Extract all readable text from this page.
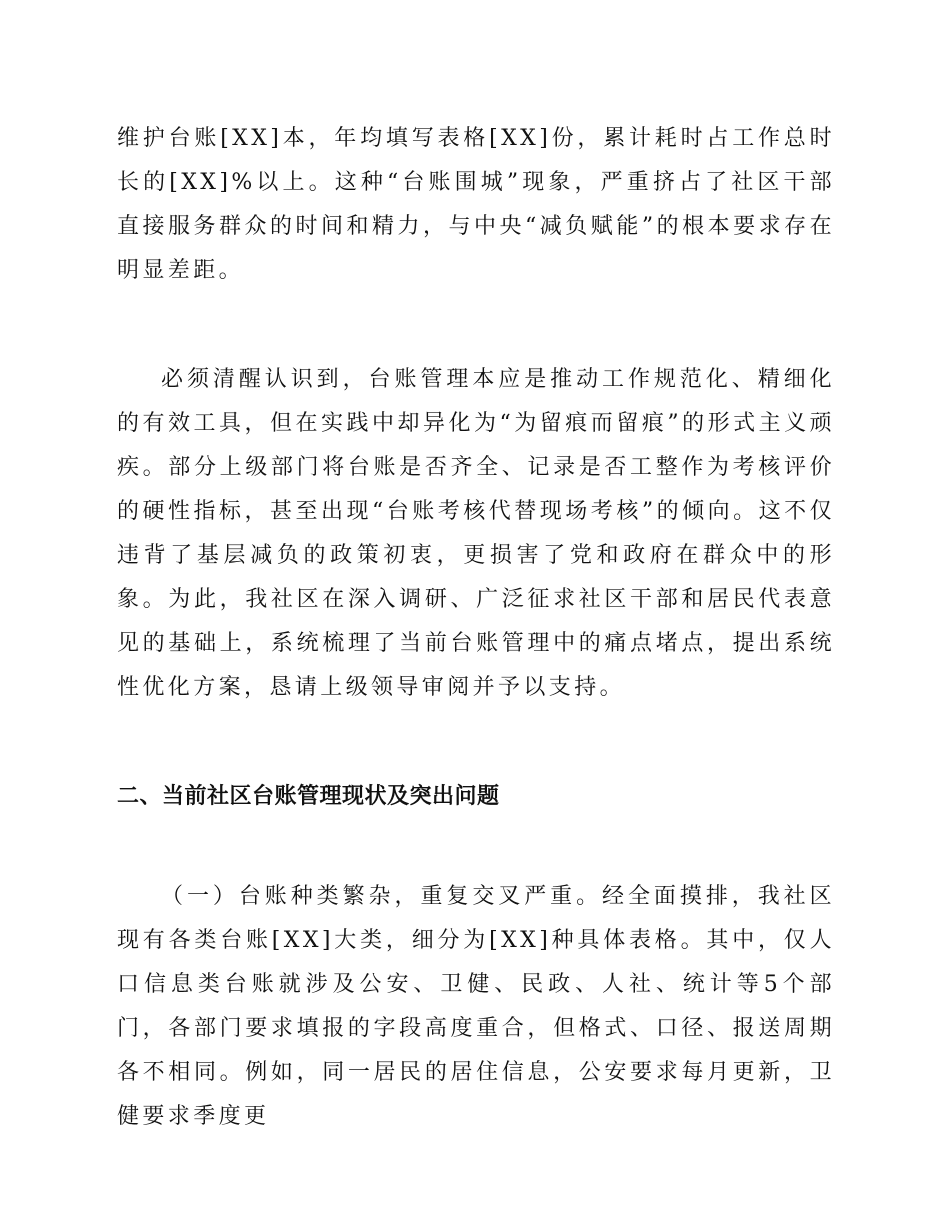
维护台账[XX]本，年均填写表格[XX]份，累计耗时占工作总时长的[XX]%以上。这种“台账围城”现象，严重挤占了社区干部直接服务群众的时间和精力，与中央“减负赋能”的根本要求存在明显差距。

必须清醒认识到，台账管理本应是推动工作规范化、精细化的有效工具，但在实践中却异化为“为留痕而留痕”的形式主义顽疾。部分上级部门将台账是否齐全、记录是否工整作为考核评价的硬性指标，甚至出现“台账考核代替现场考核”的倾向。这不仅违背了基层减负的政策初衷，更损害了党和政府在群众中的形象。为此，我社区在深入调研、广泛征求社区干部和居民代表意见的基础上，系统梳理了当前台账管理中的痛点堵点，提出系统性优化方案，恳请上级领导审阅并予以支持。

二、当前社区台账管理现状及突出问题

（一）台账种类繁杂，重复交叉严重。经全面摸排，我社区现有各类台账[XX]大类，细分为[XX]种具体表格。其中，仅人口信息类台账就涉及公安、卫健、民政、人社、统计等5个部门，各部门要求填报的字段高度重合，但格式、口径、报送周期各不相同。例如，同一居民的居住信息，公安要求每月更新，卫健要求季度更
